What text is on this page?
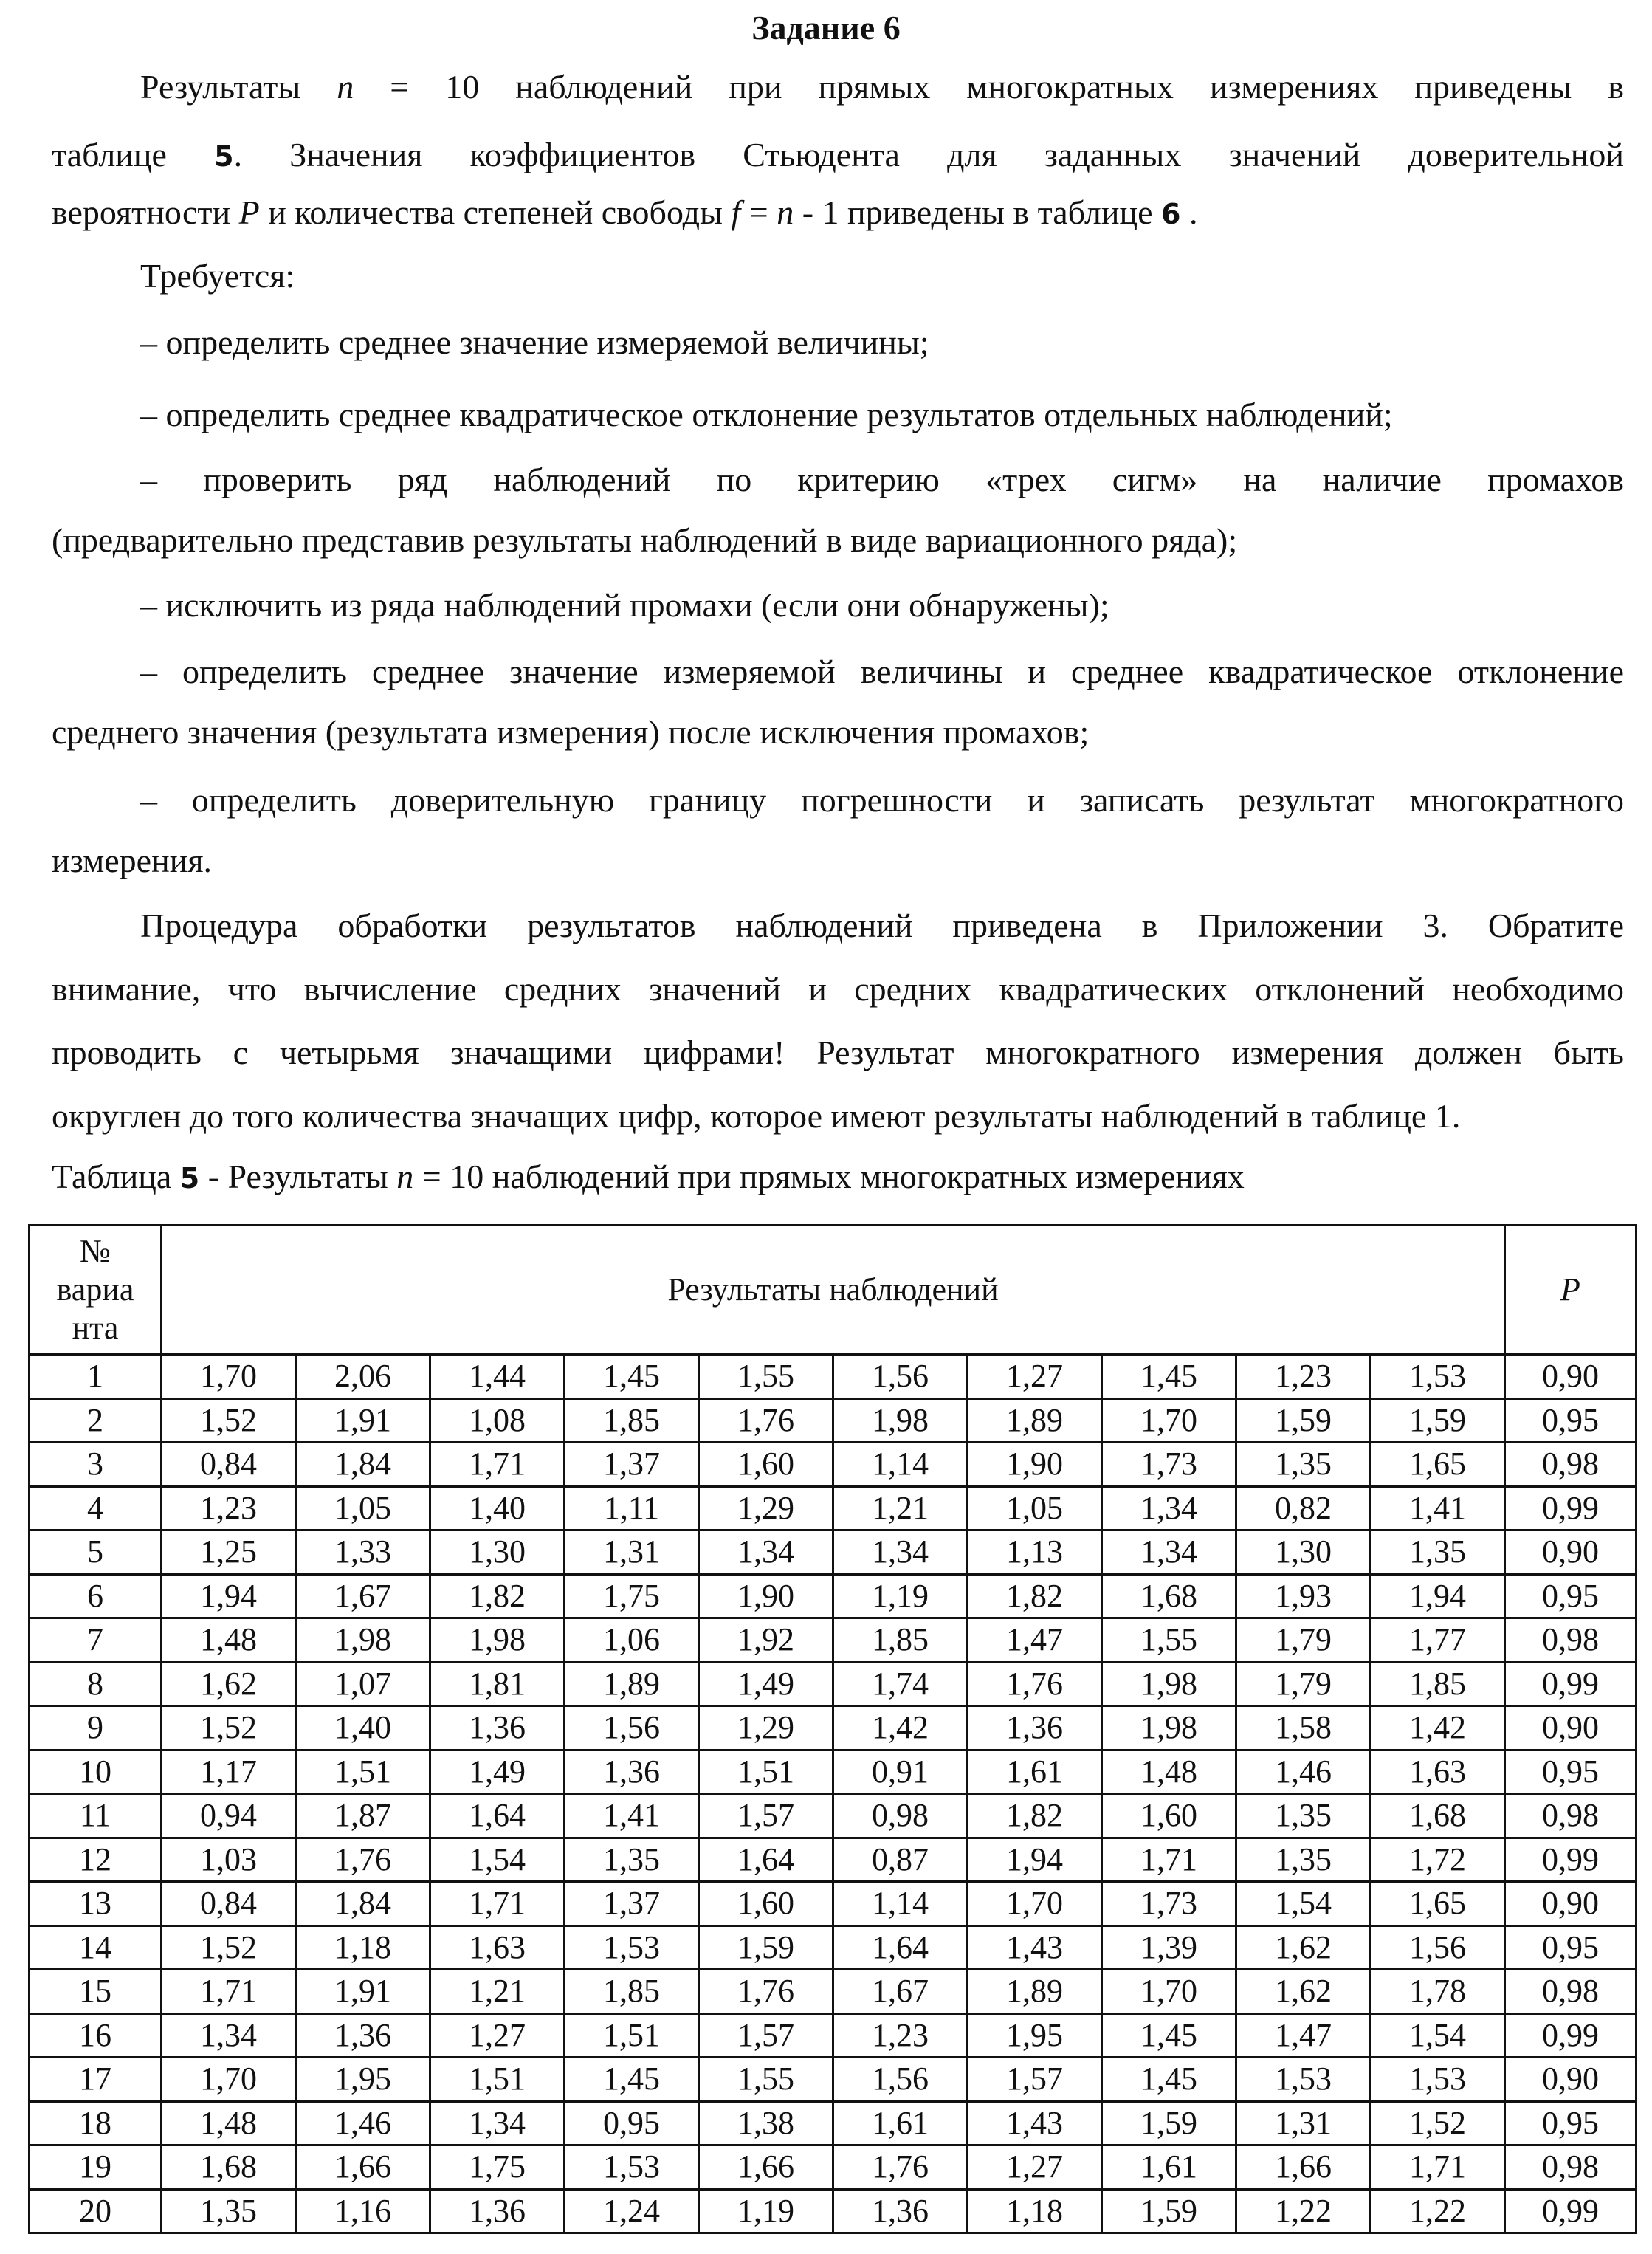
Задание 6
Результаты n = 10 наблюдений при прямых многократных измерениях приведены в
таблице 5. Значения коэффициентов Стьюдента для заданных значений доверительной
вероятности P и количества степеней свободы f = n - 1 приведены в таблице 6 .
Требуется:
– определить среднее значение измеряемой величины;
– определить среднее квадратическое отклонение результатов отдельных наблюдений;
– проверить ряд наблюдений по критерию «трех сигм» на наличие промахов
(предварительно представив результаты наблюдений в виде вариационного ряда);
– исключить из ряда наблюдений промахи (если они обнаружены);
– определить среднее значение измеряемой величины и среднее квадратическое отклонение
среднего значения (результата измерения) после исключения промахов;
– определить доверительную границу погрешности и записать результат многократного
измерения.
Процедура обработки результатов наблюдений приведена в Приложении 3. Обратите
внимание, что вычисление средних значений и средних квадратических отклонений необходимо
проводить с четырьмя значащими цифрами! Результат многократного измерения должен быть
округлен до того количества значащих цифр, которое имеют результаты наблюдений в таблице 1.
Таблица 5 - Результаты n = 10 наблюдений при прямых многократных измерениях
№
вариа
нта	Результаты наблюдений										P
1	1,70	2,06	1,44	1,45	1,55	1,56	1,27	1,45	1,23	1,53	0,90
2	1,52	1,91	1,08	1,85	1,76	1,98	1,89	1,70	1,59	1,59	0,95
3	0,84	1,84	1,71	1,37	1,60	1,14	1,90	1,73	1,35	1,65	0,98
4	1,23	1,05	1,40	1,11	1,29	1,21	1,05	1,34	0,82	1,41	0,99
5	1,25	1,33	1,30	1,31	1,34	1,34	1,13	1,34	1,30	1,35	0,90
6	1,94	1,67	1,82	1,75	1,90	1,19	1,82	1,68	1,93	1,94	0,95
7	1,48	1,98	1,98	1,06	1,92	1,85	1,47	1,55	1,79	1,77	0,98
8	1,62	1,07	1,81	1,89	1,49	1,74	1,76	1,98	1,79	1,85	0,99
9	1,52	1,40	1,36	1,56	1,29	1,42	1,36	1,98	1,58	1,42	0,90
10	1,17	1,51	1,49	1,36	1,51	0,91	1,61	1,48	1,46	1,63	0,95
11	0,94	1,87	1,64	1,41	1,57	0,98	1,82	1,60	1,35	1,68	0,98
12	1,03	1,76	1,54	1,35	1,64	0,87	1,94	1,71	1,35	1,72	0,99
13	0,84	1,84	1,71	1,37	1,60	1,14	1,70	1,73	1,54	1,65	0,90
14	1,52	1,18	1,63	1,53	1,59	1,64	1,43	1,39	1,62	1,56	0,95
15	1,71	1,91	1,21	1,85	1,76	1,67	1,89	1,70	1,62	1,78	0,98
16	1,34	1,36	1,27	1,51	1,57	1,23	1,95	1,45	1,47	1,54	0,99
17	1,70	1,95	1,51	1,45	1,55	1,56	1,57	1,45	1,53	1,53	0,90
18	1,48	1,46	1,34	0,95	1,38	1,61	1,43	1,59	1,31	1,52	0,95
19	1,68	1,66	1,75	1,53	1,66	1,76	1,27	1,61	1,66	1,71	0,98
20	1,35	1,16	1,36	1,24	1,19	1,36	1,18	1,59	1,22	1,22	0,99
